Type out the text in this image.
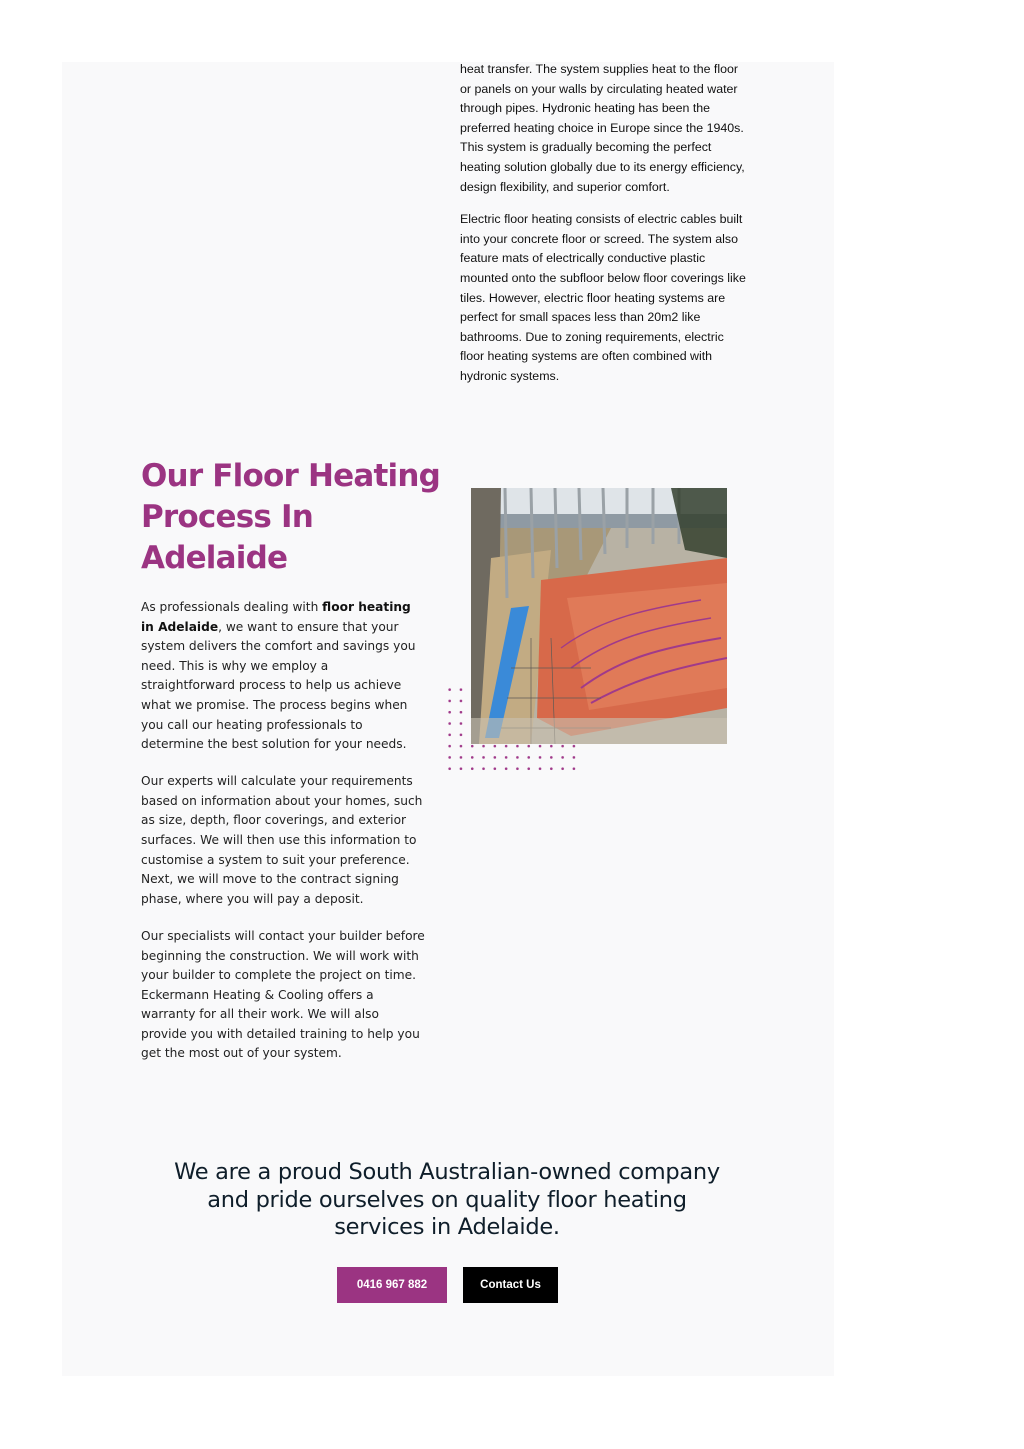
heat transfer. The system supplies heat to the floor or panels on your walls by circulating heated water through pipes. Hydronic heating has been the preferred heating choice in Europe since the 1940s. This system is gradually becoming the perfect heating solution globally due to its energy efficiency, design flexibility, and superior comfort.

Electric floor heating consists of electric cables built into your concrete floor or screed. The system also feature mats of electrically conductive plastic mounted onto the subfloor below floor coverings like tiles. However, electric floor heating systems are perfect for small spaces less than 20m2 like bathrooms. Due to zoning requirements, electric floor heating systems are often combined with hydronic systems.

Our Floor Heating Process In Adelaide

As professionals dealing with floor heating in Adelaide, we want to ensure that your system delivers the comfort and savings you need. This is why we employ a straightforward process to help us achieve what we promise. The process begins when you call our heating professionals to determine the best solution for your needs.

Our experts will calculate your requirements based on information about your homes, such as size, depth, floor coverings, and exterior surfaces. We will then use this information to customise a system to suit your preference. Next, we will move to the contract signing phase, where you will pay a deposit.

Our specialists will contact your builder before beginning the construction. We will work with your builder to complete the project on time. Eckermann Heating & Cooling offers a warranty for all their work. We will also provide you with detailed training to help you get the most out of your system.

We are a proud South Australian-owned company and pride ourselves on quality floor heating services in Adelaide.
0416 967 882	Contact Us
